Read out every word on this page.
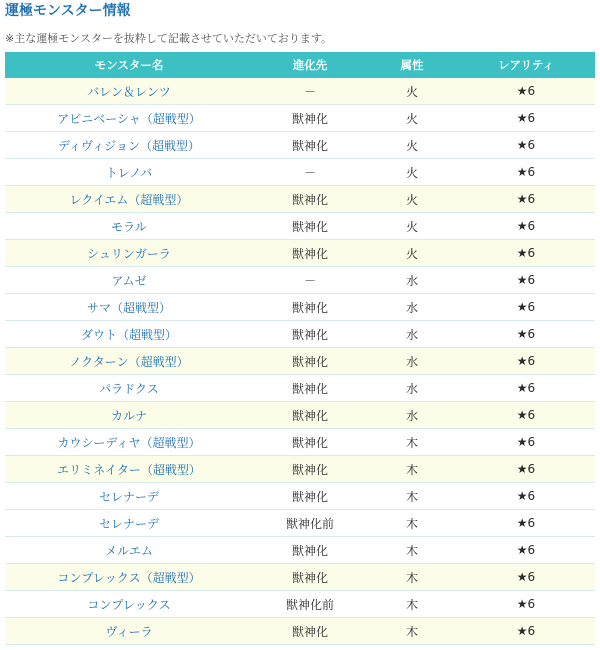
運極モンスター情報
※主な運極モンスターを抜粋して記載させていただいております。
モンスター名	進化先	属性	レアリティ
バレン＆レンツ	－	火	★6
アビニベーシャ（超戦型）	獣神化	火	★6
ディヴィジョン（超戦型）	獣神化	火	★6
トレノバ	－	火	★6
レクイエム（超戦型）	獣神化	火	★6
モラル	獣神化	火	★6
シュリンガーラ	獣神化	火	★6
アムゼ	－	水	★6
サマ（超戦型）	獣神化	水	★6
ダウト（超戦型）	獣神化	水	★6
ノクターン（超戦型）	獣神化	水	★6
パラドクス	獣神化	水	★6
カルナ	獣神化	水	★6
カウシーディヤ（超戦型）	獣神化	木	★6
エリミネイター（超戦型）	獣神化	木	★6
セレナーデ	獣神化	木	★6
セレナーデ	獣神化前	木	★6
メルエム	獣神化	木	★6
コンプレックス（超戦型）	獣神化	木	★6
コンプレックス	獣神化前	木	★6
ヴィーラ	獣神化	木	★6
